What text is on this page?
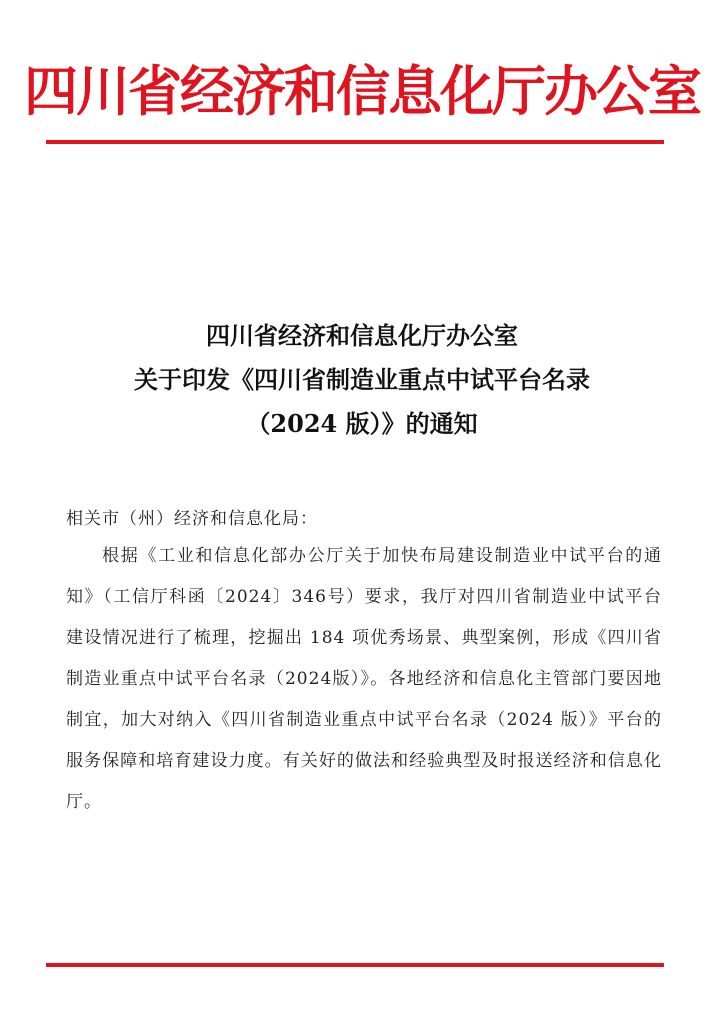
四川省经济和信息化厅办公室
四川省经济和信息化厅办公室
关于印发《四川省制造业重点中试平台名录
（2024 版）》的通知
相关市（州）经济和信息化局：

根据《工业和信息化部办公厅关于加快布局建设制造业中试平台的通知》（工信厅科函〔2024〕346号）要求，我厅对四川省制造业中试平台建设情况进行了梳理，挖掘出 184 项优秀场景、典型案例，形成《四川省制造业重点中试平台名录（2024版）》。各地经济和信息化主管部门要因地制宜，加大对纳入《四川省制造业重点中试平台名录（2024 版）》平台的服务保障和培育建设力度。有关好的做法和经验典型及时报送经济和信息化厅。
